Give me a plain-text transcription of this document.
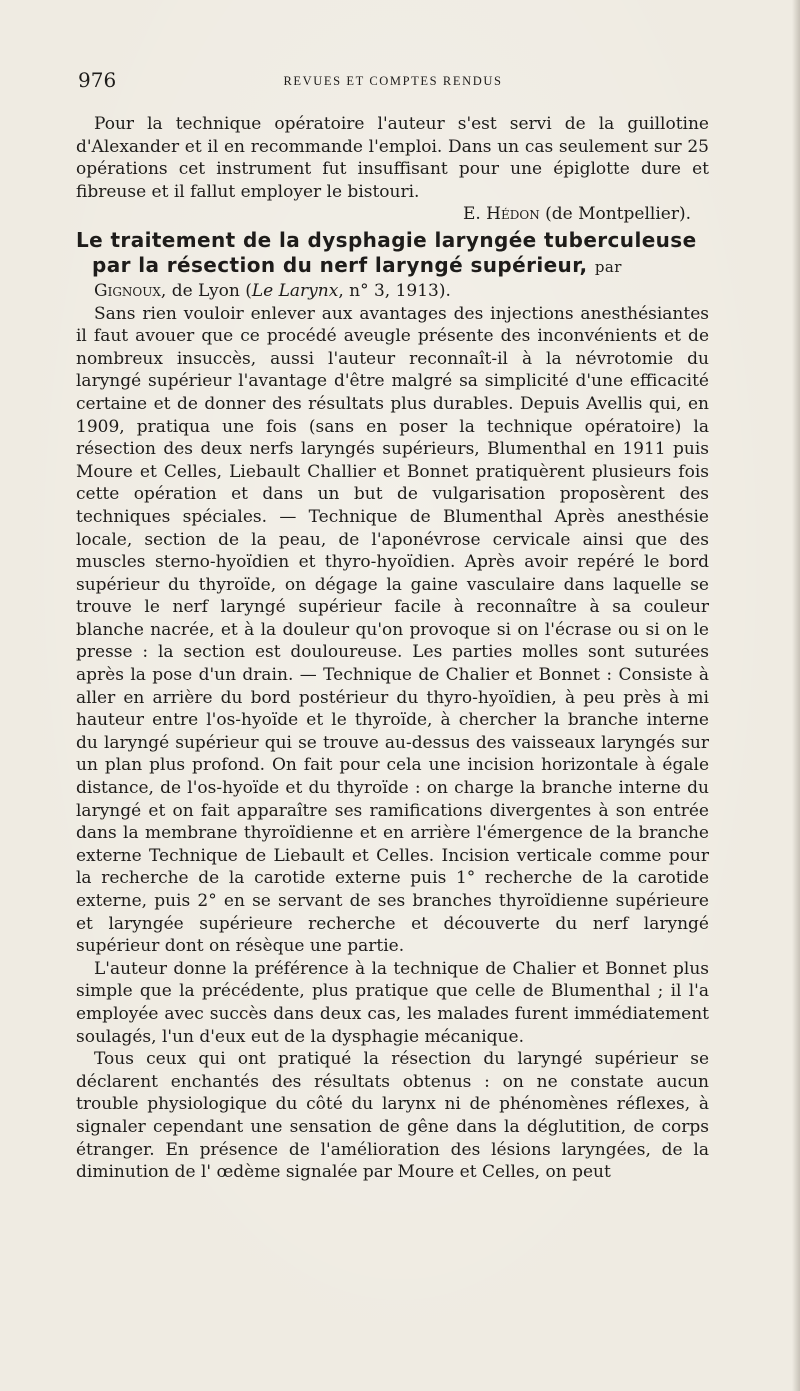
976	REVUES ET COMPTES RENDUS

Pour la technique opératoire l'auteur s'est servi de la guillotine d'Alexander et il en recommande l'emploi. Dans un cas seulement sur 25 opérations cet instrument fut insuffisant pour une épiglotte dure et fibreuse et il fallut employer le bistouri.

E. Hédon (de Montpellier).

Le traitement de la dysphagie laryngée tuberculeuse
par la résection du nerf laryngé supérieur, par

Gignoux, de Lyon (Le Larynx, n° 3, 1913).

Sans rien vouloir enlever aux avantages des injections anesthésiantes il faut avouer que ce procédé aveugle présente des inconvénients et de nombreux insuccès, aussi l'auteur reconnaît-il à la névrotomie du laryngé supérieur l'avantage d'être malgré sa simplicité d'une efficacité certaine et de donner des résultats plus durables. Depuis Avellis qui, en 1909, pratiqua une fois (sans en poser la technique opératoire) la résection des deux nerfs laryngés supérieurs, Blumenthal en 1911 puis Moure et Celles, Liebault Challier et Bonnet pratiquèrent plusieurs fois cette opération et dans un but de vulgarisation proposèrent des techniques spéciales. — Technique de Blumenthal Après anesthésie locale, section de la peau, de l'aponévrose cervicale ainsi que des muscles sterno-hyoïdien et thyro-hyoïdien. Après avoir repéré le bord supérieur du thyroïde, on dégage la gaine vasculaire dans laquelle se trouve le nerf laryngé supérieur facile à reconnaître à sa couleur blanche nacrée, et à la douleur qu'on provoque si on l'écrase ou si on le presse : la section est douloureuse. Les parties molles sont suturées après la pose d'un drain. — Technique de Chalier et Bonnet : Consiste à aller en arrière du bord postérieur du thyro-hyoïdien, à peu près à mi hauteur entre l'os-hyoïde et le thyroïde, à chercher la branche interne du laryngé supérieur qui se trouve au-dessus des vaisseaux laryngés sur un plan plus profond. On fait pour cela une incision horizontale à égale distance, de l'os-hyoïde et du thyroïde : on charge la branche interne du laryngé et on fait apparaître ses ramifications divergentes à son entrée dans la membrane thyroïdienne et en arrière l'émergence de la branche externe Technique de Liebault et Celles. Incision verticale comme pour la recherche de la carotide externe puis 1° recherche de la carotide externe, puis 2° en se servant de ses branches thyroïdienne supérieure et laryngée supérieure recherche et découverte du nerf laryngé supérieur dont on résèque une partie.

L'auteur donne la préférence à la technique de Chalier et Bonnet plus simple que la précédente, plus pratique que celle de Blumenthal ; il l'a employée avec succès dans deux cas, les malades furent immédiatement soulagés, l'un d'eux eut de la dysphagie mécanique.

Tous ceux qui ont pratiqué la résection du laryngé supérieur se déclarent enchantés des résultats obtenus : on ne constate aucun trouble physiologique du côté du larynx ni de phénomènes réflexes, à signaler cependant une sensation de gêne dans la déglutition, de corps étranger. En présence de l'amélioration des lésions laryngées, de la diminution de l' œdème signalée par Moure et Celles, on peut
